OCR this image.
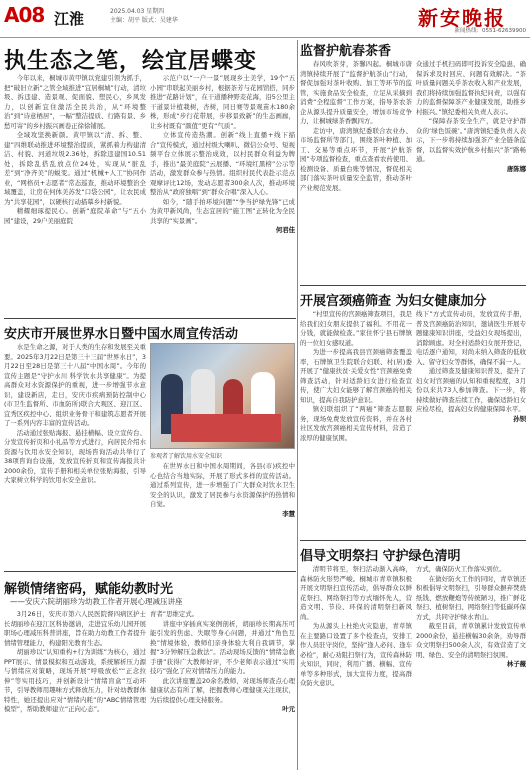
A08 江淮	2025.04.03 星期四
主编：胡平 版式：吴建华	新安晚报
新闻热线：0551-62639900
执生态之笔，绘宜居蝶变

今年以来，桐城市黄甲镇以党建引领为抓手，把“破旧立新”之管全域推进“宜居桐城”行动，清垃圾、拆违建、造景观、促面貌、塑民心，乡风发力，以创新宜住激活全民共治，从“环境整治”到“诗意栖居”，一幅“整洁提质、行路有景、乡愁可寄”的乡村振兴画卷正徐徐铺展。

全域攻坚换新颜。黄甲镇以“清、拆、整、建”四维联动推进环境整治提质，紧抓着力构建清洁、村貌、河道垃圾2.36处，拆除违建国10.51处，拆除乱搭乱放点位24处，实现从“脏乱差”到“净齐美”的蜕变。通过“机械+人工”协同作业，“网格员+志愿者”常态巡查，推动环境整治全域覆盖，让房在何体美苏发“口袋公园”，让农民成为“共享花园”，以硬核行动描摹乡村新貌。

精耀细琢提民心。创新“庭院革命”与“五小园”建设，29户美丽庭院

示范户以“一户一景”展现乡土美学，19个“五小园”串联起美丽乡村，根据茶芳与花园馆搭，同步推进“花路计划”，在干道播种野麦花海，沿5公里主干道景计植栽树，杏树，同日赛等景观苗木180余株，形成“步行花带展，步移景致新”的生态画廊，让乡村既有“颜值”更有“气质”。

立体宣传造热潮。创新“线上直播+线下描合”宣传模式，通过村级大喇叭、微信公众号、短视频平台立体展示整治成效，以村民群众利益为牌手，推出“最美庭院”云展播、“环境红黑榜”公示等活动，激发群众参与热情。组织村民代表赴示范点观摩评比12场，发动志愿者300余人次，推动环境整治从“政府独唱”到“群众合唱”深入人心。

如今，“随手拍环境问题”“争当护绿先锋”已成为黄甲新风尚，生态宜居的“施工图”正转化为全民共享的“实景画”。

何君佳
安庆市开展世界水日暨中国水周宣传活动

水是生命之源，对于人类的生存和发展至关重要。2025年3月22日是第三十三届“世界水日”，3月22日至28日是第三十八届“中国水周”。今年的宣传主题是“守护水川 科学饮水共享健康”。为提高群众对水资源保护的重视，进一步增强节水意识，建设新店，走日，安庆市疾病预防控制中心(市卫生监督所、市血防所)联合大观区、迎江区、宜秀区疾控中心、组织业务骨干和建筑志愿者开展了一系列内容丰富的宣传活动。

活动通过张贴海报、悬挂横幅、设立宣传台、分发宣传折页和小礼品等方式进行，向居民介绍水资源与饮用水安全知识，现场咨询活动共举行了38项咨询台设施，发放宣传折页和宣传海报共计2000余份，宣传手册和相关单位张贴海报，引导大家树立科学的饮用水安全意识。

参观者了解饮用水安全知识

在世界水日和中国水周期间，各县(市)疾控中心也结合当地实际，开展了形式多样的宣传活动。通过系列宣传，进一步增强了广大群众对饮水卫生安全的认识，激发了居民参与水资源保护的热情和自觉。

李慧
解锁情绪密码，赋能幼教时光
——安庆六院胡丽珍为幼教工作者开展心理减压讲座

3月26日，安庆市第六人民医院督四病区护士长胡丽珍在迎江区科协邀请，走进宜乐幼儿园开展职场心理减压科普讲座，旨在助力幼教工作者提升情绪管理能力，构建阳光教育生态。

胡丽珍以“认知重构+行为训练”为核心，通过PPT展示、情景模拟和互动游戏，系统解析压力源与情绪应对策略，现场开展“呼吸放松”“正念拉伸”等实用技巧，并创新设计“情绪盲盒”互动环节，引导教师用趣味方式释放压力，针对幼教群体特性，她还提出应对“情绪内耗”的“ABC情绪管理模型”，帮助教师建立“正向心态”。

育者”思维定式。

讲座中穿插真实案例剖析，胡丽珍长期高压可能引发的焦虑、失眠等身心问题，并通过“角色互换”情境体验，教师们亲身体验大利自我调节，掌握“3分钟解压急救法”。活动现场反馈的“情绪急救手册”获得广大教师好评，不少老师表示通过“实用技巧”强化了应对情绪压力的能力。

此次讲座覆盖20余名教师，对现场师查点心理健康状态有所了解，把握教师心理健康关注现状，为后续提供心理支持服务。

叶元
监督护航春茶香

春风吹茶芽，茶馨四起。桐城市唐湾镇持续开展了“监督护航茶山”行动，督促加强对茶叶收购、加工等环节的监管，实施食品安全检查，立足从采摘到消费“全程监督”工作方案，指导茶农茶企从源头提升质量安全，增加市场竞争力，让桐城绿茶香飘四方。

走访中，唐湾镇纪委联合农业办、市场监督所等部门，围绕茶叶种植、加工、交易等重点环节，开展“护航茶园”专项监督检查，重点查看农药使用、检测设备、质量台账等情况，督促相关部门落实茶叶质量安全监管，推动茶叶产业规范发展。

众通过手机扫码即可投诉安全隐患，确保诉求及时回应、问题有效解决。“茶叶质量问题关乎茶农收入和产业发展，我们将持续加强监督执纪问责，以强有力的监督保障茶产业健康发展，助推乡村振兴。”镇纪委相关负责人表示。

“保障春茶安全生产，就是守护群众的‘绿色饭碗’。”唐湾镇纪委负责人表示，下一步将持续加强茶产业全链条监督，以监督实效护航乡村振兴“茶”路畅通。

唐陈娜
开展宫颈癌筛查 为妇女健康加分

“村里宣传的宫颈癌筛查项目，我是给我们妇女朋友提供了福利。不用花一分钱，就能做检查。”家住怀宁县石牌镇的一位妇女感叹道。

为进一步提高我县宫颈癌筛查覆盖率，石牌镇卫生院联合妇联、村(居)委开展了“健康扶贫·关爱女性”宫颈癌免费筛查活动，针对适龄妇女进行检查宣传，使广大妇女能够了解宫颈癌的相关知识，提高自我防护意识。

镇妇联组织了“两癌”筛查志愿服务，现场免费发放宣传资料，并在各村社区发放宫颈癌相关宣传材料，营造了浓厚的健康氛围。

线下”方式宣传动员，发放宣传手册，普及宫颈癌防治知识，邀请医生开展专题健康知识讲座，受益妇女现场提出，消除顾虑。对全村适龄妇女展开登记，电话逐户通知，对尚未纳入筛查的低收入、留守妇女等群体，确保不漏一人。

通过筛查及健康知识普及，提升了妇女对宫颈癌的认知和重视程度，3月份以来共73人参加筛查。下一步，将持续做好筛查后续工作，确保适龄妇女应检尽检，提高妇女的健康保障水平。

孙钡
倡导文明祭扫 守护绿色清明

清明节将至，祭扫活动渐入高峰，森林防火形势严峻。桐城市青草镇积极开展文明祭扫宣传活动，倡导群众以鲜花祭扫、网络祭扫等方式缅怀先人，营造文明、节俭、环保的清明祭扫新风尚。

为从源头上杜绝火灾隐患，青草镇在主要路口设置了多个检查点，安排工作人员驻守岗位，坚持“逢人必问、逢车必检”，耐心劝阻扫祭行为，宣传森林防火知识，同时，利用广播、横幅、宣传单等多种形式，加大宣传力度，提高群众防火意识。

方式，确保防火工作落实到位。

在做好防火工作的同时，青草镇还积极倡导文明祭扫，引导群众摒弃焚烧纸钱、燃放鞭炮等传统陋习，推广鲜花祭扫、植树祭扫、网络祭扫等低碳环保方式，共同守护绿水青山。

截至目前，青草镇累计发放宣传单2000余份，悬挂横幅30余条，劝导群众文明祭扫500余人次，有效营造了文明、绿色、安全的清明祭扫氛围。

林子薇
